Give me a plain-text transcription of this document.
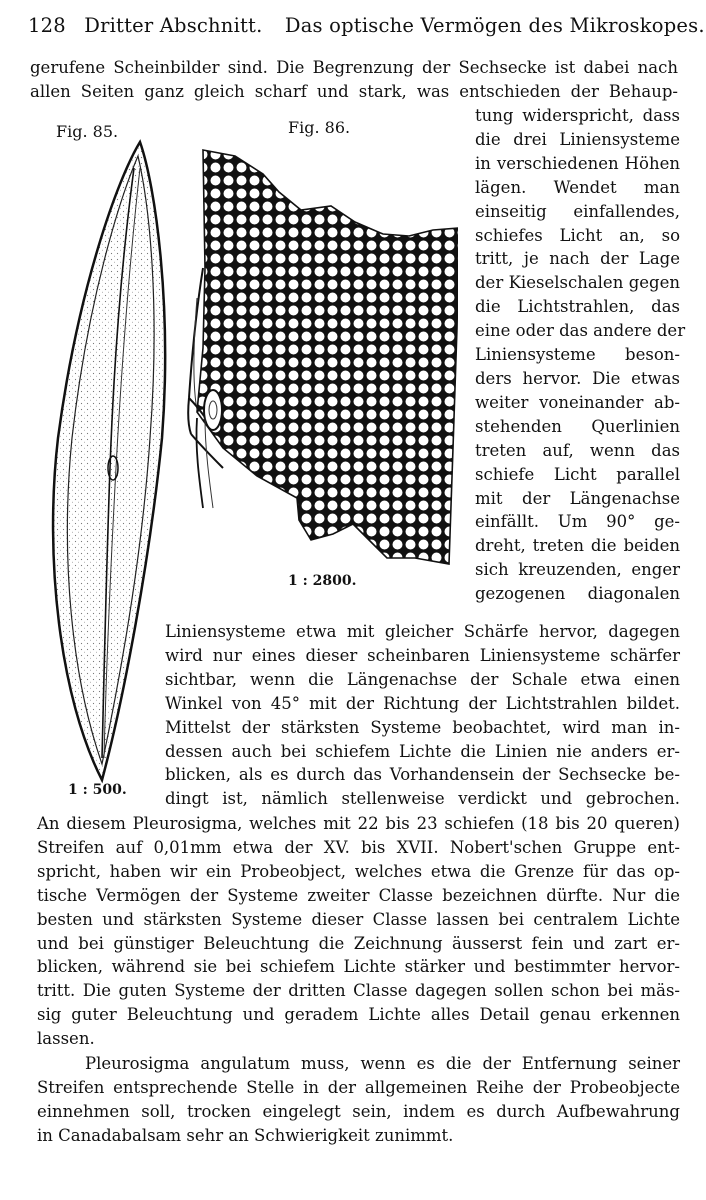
128 Dritter Abschnitt. Das optische Vermögen des Mikroskopes.
gerufene Scheinbilder sind. Die Begrenzung der Sechsecke ist dabei nach
allen Seiten ganz gleich scharf und stark, was entschieden der Behaup-
tung widerspricht, dass
die drei Liniensysteme
in verschiedenen Höhen
lägen. Wendet man
einseitig einfallendes,
schiefes Licht an, so
tritt, je nach der Lage
der Kieselschalen gegen
die Lichtstrahlen, das
eine oder das andere der
Liniensysteme beson-
ders hervor. Die etwas
weiter voneinander ab-
stehenden Querlinien
treten auf, wenn das
schiefe Licht parallel
mit der Längenachse
einfällt. Um 90° ge-
dreht, treten die beiden
sich kreuzenden, enger
gezogenen diagonalen
Liniensysteme etwa mit gleicher Schärfe hervor, dagegen
wird nur eines dieser scheinbaren Liniensysteme schärfer
sichtbar, wenn die Längenachse der Schale etwa einen
Winkel von 45° mit der Richtung der Lichtstrahlen bildet.
Mittelst der stärksten Systeme beobachtet, wird man in-
dessen auch bei schiefem Lichte die Linien nie anders er-
blicken, als es durch das Vorhandensein der Sechsecke be-
dingt ist, nämlich stellenweise verdickt und gebrochen.
An diesem Pleurosigma, welches mit 22 bis 23 schiefen (18 bis 20 queren)
Streifen auf 0,01mm etwa der XV. bis XVII. Nobert'schen Gruppe ent-
spricht, haben wir ein Probeobject, welches etwa die Grenze für das op-
tische Vermögen der Systeme zweiter Classe bezeichnen dürfte. Nur die
besten und stärksten Systeme dieser Classe lassen bei centralem Lichte
und bei günstiger Beleuchtung die Zeichnung äusserst fein und zart er-
blicken, während sie bei schiefem Lichte stärker und bestimmter hervor-
tritt. Die guten Systeme der dritten Classe dagegen sollen schon bei mäs-
sig guter Beleuchtung und geradem Lichte alles Detail genau erkennen
lassen.
Pleurosigma angulatum muss, wenn es die der Entfernung seiner
Streifen entsprechende Stelle in der allgemeinen Reihe der Probeobjecte
einnehmen soll, trocken eingelegt sein, indem es durch Aufbewahrung
in Canadabalsam sehr an Schwierigkeit zunimmt.
Fig. 85.	Fig. 86.
1 : 500.
1 : 2800.
